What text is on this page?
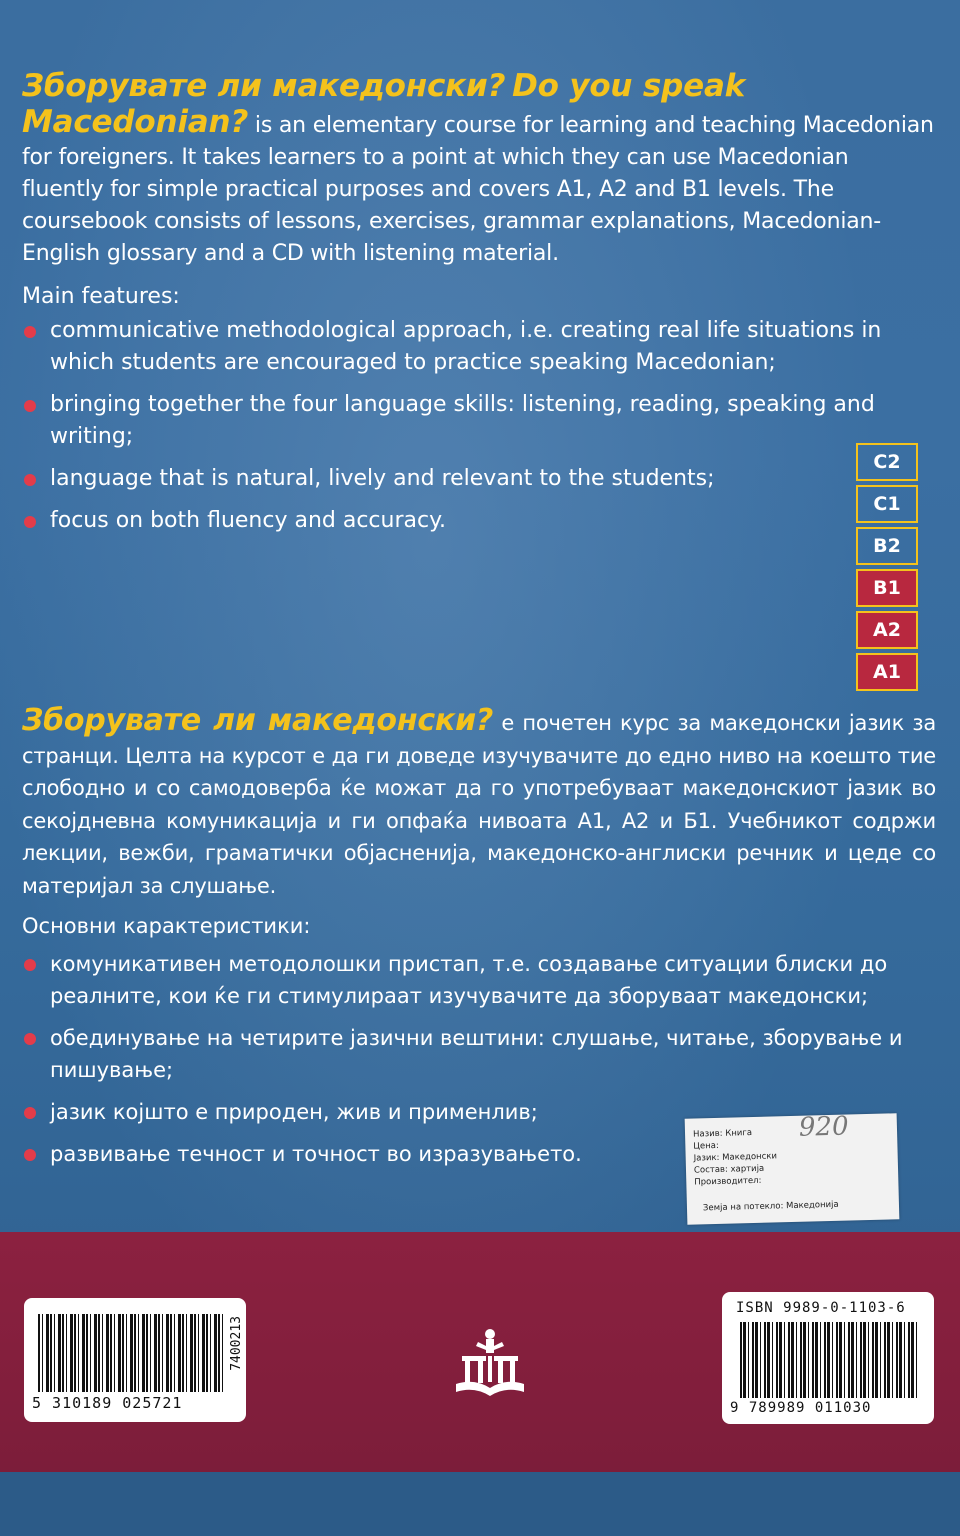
Зборувате ли македонски? Do you speak Macedonian? is an elementary course for learning and teaching Macedonian for foreigners. It takes learners to a point at which they can use Macedonian fluently for simple practical purposes and covers A1, A2 and B1 levels. The coursebook consists of lessons, exercises, grammar explanations, Macedonian-English glossary and a CD with listening material.

Main features:
communicative methodological approach, i.e. creating real life situations in which students are encouraged to practice speaking Macedonian;
bringing together the four language skills: listening, reading, speaking and writing;
language that is natural, lively and relevant to the students;
focus on both fluency and accuracy.
C2
C1
B2
B1
A2
A1

Зборувате ли македонски? е почетен курс за македонски јазик за странци. Целта на курсот е да ги доведе изучувачите до едно ниво на коешто тие слободно и со самодоверба ќе можат да го употребуваат македонскиот јазик во секојдневна комуникација и ги опфаќа нивоата А1, А2 и Б1. Учебникот содржи лекции, вежби, граматички објасненија, македонско-англиски речник и цеде со материјал за слушање.

Основни карактеристики:
комуникативен методолошки пристап, т.е. создавање ситуации блиски до реалните, кои ќе ги стимулираат изучувачите да зборуваат македонски;
обединување на четирите јазични вештини: слушање, читање, зборување и пишување;
јазик којшто е природен, жив и применлив;
развивање течност и точност во изразувањето.
Назив: Книга
Цена:
Јазик: Македонски
Состав: хартија
Производител:
920
Земја на потекло: Македонија
5 310189 025721
7400213
ISBN 9989-0-1103-6
9 789989 011030
